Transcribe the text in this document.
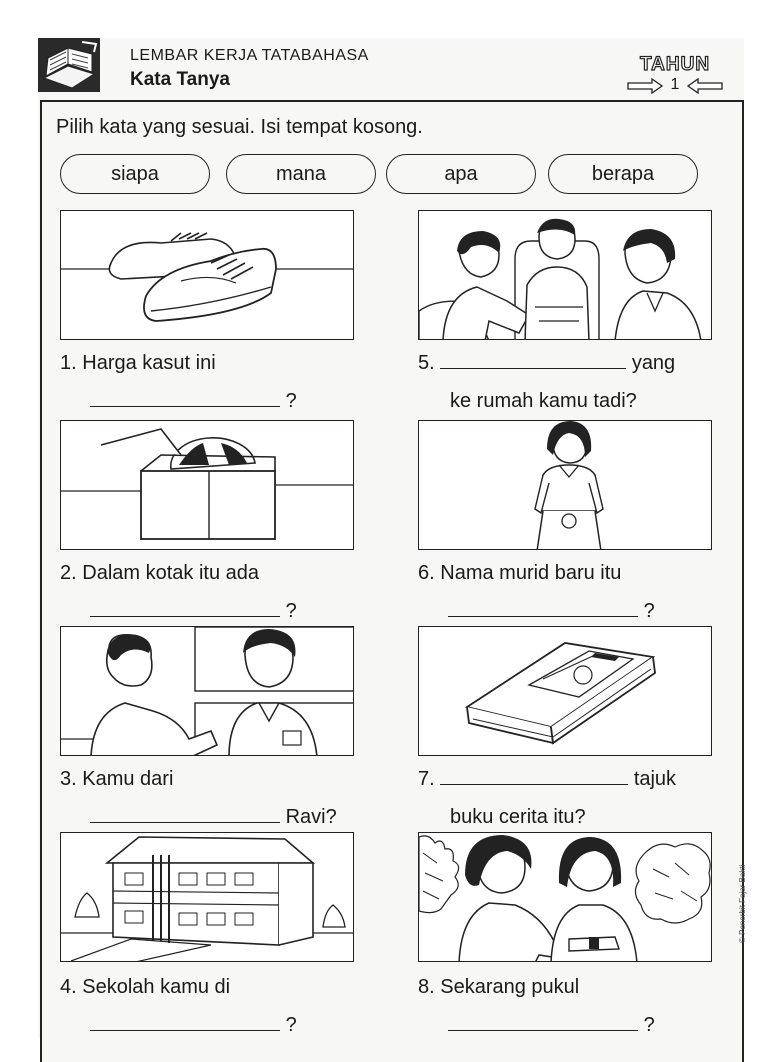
LEMBAR KERJA TATABAHASA
Kata Tanya
TAHUN
1
Pilih kata yang sesuai. Isi tempat kosong.
siapa	mana	apa	berapa
1. Harga kasut ini
?
2. Dalam kotak itu ada
?
3. Kamu dari
Ravi?
4. Sekolah kamu di
?
5.	yang
ke rumah kamu tadi?
6. Nama murid baru itu
?
7.	tajuk
buku cerita itu?
8. Sekarang pukul
?
© Penerbit Fajar Bakti
